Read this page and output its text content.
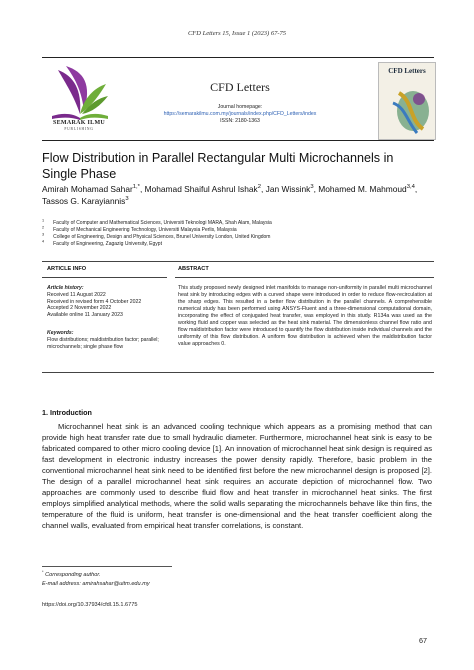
CFD Letters 15, Issue 1 (2023) 67-75
SEMARAK ILMU
PUBLISHING
CFD Letters
Journal homepage:
https://semarakilmu.com.my/journals/index.php/CFD_Letters/index
ISSN: 2180-1363
CFD Letters
Flow Distribution in Parallel Rectangular Multi Microchannels in Single Phase
Amirah Mohamad Sahar$^{1,*}$, Mohamad Shaiful Ashrul Ishak$^2$, Jan Wissink$^3$, Mohamed M. Mahmoud$^{3,4}$, Tassos G. Karayiannis$^3$
$^1$ Faculty of Computer and Mathematical Sciences, Universiti Teknologi MARA, Shah Alam, Malaysia
$^2$ Faculty of Mechanical Engineering Technology, Universiti Malaysia Perlis, Malaysia
$^3$ College of Engineering, Design and Physical Sciences, Brunel University London, United Kingdom
$^4$ Faculty of Engineering, Zagazig University, Egypt
ARTICLE INFO	ABSTRACT
Article history:
Received 11 August 2022
Received in revised form 4 October 2022
Accepted 2 November 2022
Available online 11 January 2023
Keywords:
Flow distributions; maldistribution factor; parallel; microchannels; single phase flow
This study proposed newly designed inlet manifolds to manage non-uniformity in parallel multi microchannel heat sink by introducing edges with a curved shape were introduced in order to reduce flow-recirculation at the sharp edges. This resulted in a better flow distribution in the parallel channels. A comprehensible numerical study has been performed using ANSYS-Fluent and a three-dimensional computational domain, incorporating the effect of conjugated heat transfer, was employed in this study. R134a was used as the working fluid and copper was selected as the heat sink material. The dimensionless channel flow ratio and flow maldistribution factor were introduced to quantify the flow distribution inside individual channels and the uniformity of this flow distribution. A uniform flow distribution is achieved when the maldistribution factor value approaches 0.
1. Introduction
Microchannel heat sink is an advanced cooling technique which appears as a promising method that can provide high heat transfer rate due to small hydraulic diameter. Furthermore, microchannel heat sink is easy to be fabricated compared to other micro cooling device [1]. An innovation of microchannel heat sink design is required as fast development in electronic industry increases the power density rapidly. Therefore, basic problem in the conventional microchannel heat sink need to be identified first before the new microchannel design is proposed [2]. The design of a parallel microchannel heat sink requires an accurate depiction of microchannel flow. Two approaches are commonly used to describe fluid flow and heat transfer in microchannel heat sinks. The first employs simplified analytical methods, where the solid walls separating the microchannels behave like thin fins, the temperature of the fluid is uniform, heat transfer is one-dimensional and the heat transfer coefficient along the channel walls, evaluated from empirical heat transfer correlations, is constant.
* Corresponding author.
E-mail address: amirahsahar@uitm.edu.my
https://doi.org/10.37934/cfdl.15.1.6775
67
